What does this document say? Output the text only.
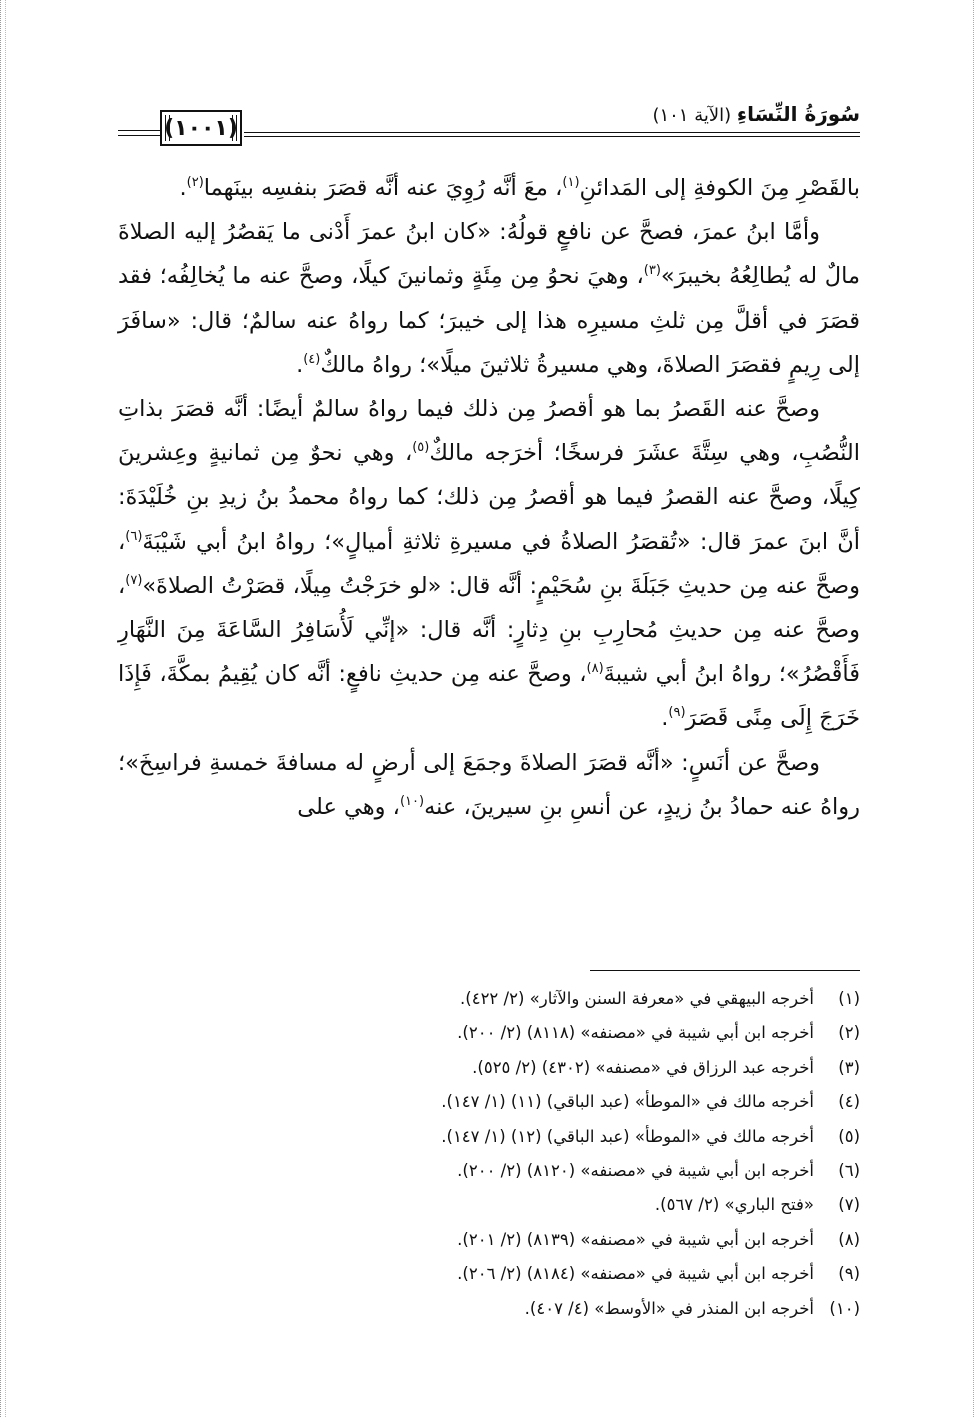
(١٠٠١)
سُورَةُ النِّسَاءِ (الآية ١٠١)

بالقَصْرِ مِنَ الكوفةِ إلى المَدائنِ$^{(١)}$، معَ أنَّه رُوِيَ عنه أنَّه قصَرَ بنفسِه بينَهما$^{(٢)}$.

وأمَّا ابنُ عمرَ، فصحَّ عن نافعٍ قولُهُ: «كان ابنُ عمرَ أَدْنى ما يَقصُرُ إليه الصلاةَ مالٌ له يُطالِعُهُ بخيبرَ»$^{(٣)}$، وهيَ نحوُ مِن مِئَةٍ وثمانينَ كيلًا، وصحَّ عنه ما يُخالِفُه؛ فقد قصَرَ في أقلَّ مِن ثلثِ مسيرِه هذا إلى خيبرَ؛ كما رواهُ عنه سالمٌ؛ قال: «سافَرَ إلى رِيمٍ فقصَرَ الصلاةَ، وهي مسيرةُ ثلاثينَ ميلًا»؛ رواهُ مالكٌ$^{(٤)}$.

وصحَّ عنه القَصرُ بما هو أقصرُ مِن ذلك فيما رواهُ سالمٌ أيضًا: أنَّه قصَرَ بذاتِ النُّصُبِ، وهي سِتَّةَ عشَرَ فرسخًا؛ أخرَجه مالكٌ$^{(٥)}$، وهي نحوٌ مِن ثمانيةٍ وعِشرينَ كِيلًا، وصحَّ عنه القصرُ فيما هو أقصرُ مِن ذلك؛ كما رواهُ محمدُ بنُ زيدِ بنِ خُلَيْدَةَ: أنَّ ابنَ عمرَ قال: «تُقصَرُ الصلاةُ في مسيرةِ ثلاثةِ أميالٍ»؛ رواهُ ابنُ أبي شَيْبَةَ$^{(٦)}$، وصحَّ عنه مِن حديثِ جَبَلَةَ بنِ سُحَيْمٍ: أنَّه قال: «لو خرَجْتُ مِيلًا، قصَرْتُ الصلاةَ»$^{(٧)}$، وصحَّ عنه مِن حديثِ مُحارِبِ بنِ دِثارٍ: أنَّه قال: «إنِّي لَأُسَافِرُ السَّاعَةَ مِنَ النَّهَارِ فَأَقْصُرُ»؛ رواهُ ابنُ أبي شيبةَ$^{(٨)}$، وصحَّ عنه مِن حديثِ نافعٍ: أنَّه كان يُقِيمُ بمكَّةَ، فَإِذَا خَرَجَ إِلَى مِنًى قَصَرَ$^{(٩)}$.

وصحَّ عن أنَسٍ: «أنَّه قصَرَ الصلاةَ وجمَعَ إلى أرضٍ له مسافةَ خمسةِ فراسِخَ»؛ رواهُ عنه حمادُ بنُ زيدٍ، عن أنسِ بنِ سيرينَ، عنه$^{(١٠)}$، وهي على

(١)
أخرجه البيهقي في «معرفة السنن والآثار» (٢/ ٤٢٢).
(٢)
أخرجه ابن أبي شيبة في «مصنفه» (٨١١٨) (٢/ ٢٠٠).
(٣)
أخرجه عبد الرزاق في «مصنفه» (٤٣٠٢) (٢/ ٥٢٥).
(٤)
أخرجه مالك في «الموطأ» (عبد الباقي) (١١) (١/ ١٤٧).
(٥)
أخرجه مالك في «الموطأ» (عبد الباقي) (١٢) (١/ ١٤٧).
(٦)
أخرجه ابن أبي شيبة في «مصنفه» (٨١٢٠) (٢/ ٢٠٠).
(٧)
«فتح الباري» (٢/ ٥٦٧).
(٨)
أخرجه ابن أبي شيبة في «مصنفه» (٨١٣٩) (٢/ ٢٠١).
(٩)
أخرجه ابن أبي شيبة في «مصنفه» (٨١٨٤) (٢/ ٢٠٦).
(١٠)
أخرجه ابن المنذر في «الأوسط» (٤/ ٤٠٧).
